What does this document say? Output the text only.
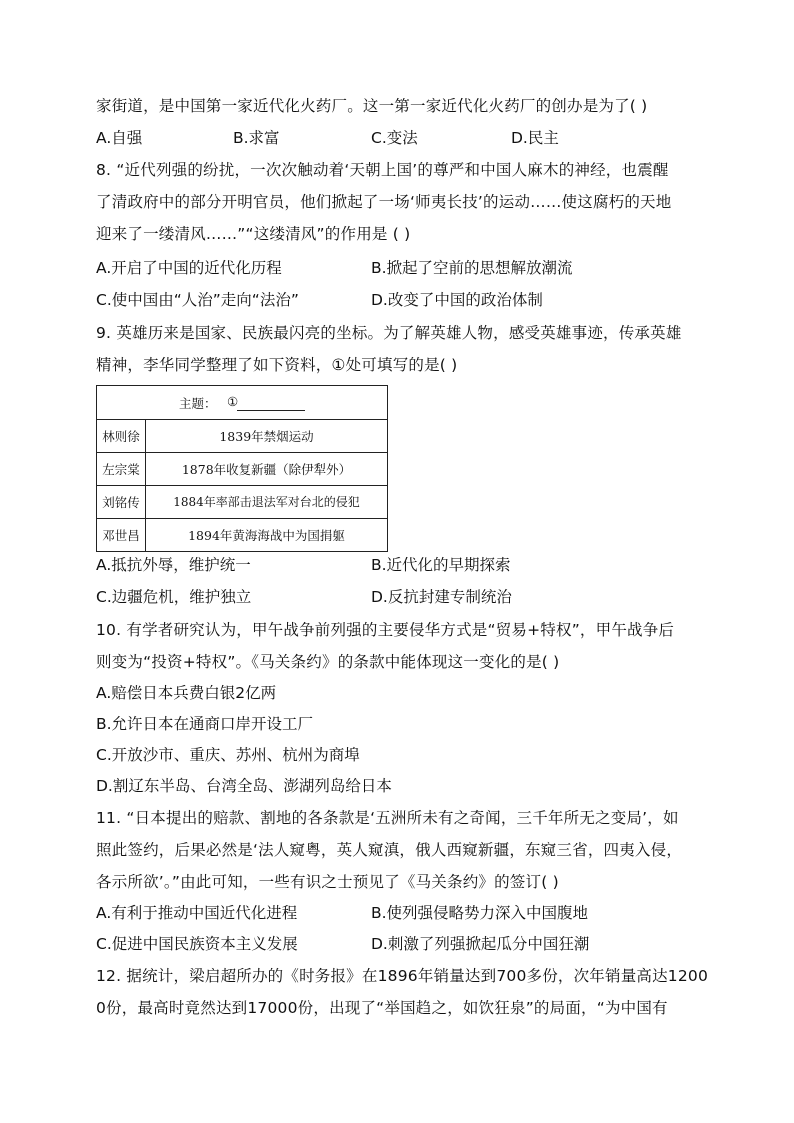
家街道，是中国第一家近代化火药厂。这一第一家近代化火药厂的创办是为了( )
A.自强	B.求富	C.变法	D.民主
8. “近代列强的纷扰，一次次触动着‘天朝上国’的尊严和中国人麻木的神经，也震醒
了清政府中的部分开明官员，他们掀起了一场‘师夷长技’的运动……使这腐朽的天地
迎来了一缕清风……”“这缕清风”的作用是 ( )
A.开启了中国的近代化历程	B.掀起了空前的思想解放潮流
C.使中国由“人治”走向“法治”	D.改变了中国的政治体制
9. 英雄历来是国家、民族最闪亮的坐标。为了解英雄人物，感受英雄事迹，传承英雄
精神，李华同学整理了如下资料，①处可填写的是( )
主题： ①
林则徐	1839年禁烟运动
左宗棠	1878年收复新疆（除伊犁外）
刘铭传	1884年率部击退法军对台北的侵犯
邓世昌	1894年黄海海战中为国捐躯
A.抵抗外辱，维护统一	B.近代化的早期探索
C.边疆危机，维护独立	D.反抗封建专制统治
10. 有学者研究认为，甲午战争前列强的主要侵华方式是“贸易+特权”，甲午战争后
则变为“投资+特权”。《马关条约》的条款中能体现这一变化的是( )
A.赔偿日本兵费白银2亿两
B.允许日本在通商口岸开设工厂
C.开放沙市、重庆、苏州、杭州为商埠
D.割辽东半岛、台湾全岛、澎湖列岛给日本
11. “日本提出的赔款、割地的各条款是‘五洲所未有之奇闻，三千年所无之变局’，如
照此签约，后果必然是‘法人窥粤，英人窥滇，俄人西窥新疆，东窥三省，四夷入侵，
各示所欲’。”由此可知，一些有识之士预见了《马关条约》的签订( )
A.有利于推动中国近代化进程	B.使列强侵略势力深入中国腹地
C.促进中国民族资本主义发展	D.刺激了列强掀起瓜分中国狂潮
12. 据统计，梁启超所办的《时务报》在1896年销量达到700多份，次年销量高达1200
0份，最高时竟然达到17000份，出现了“举国趋之，如饮狂泉”的局面，“为中国有
